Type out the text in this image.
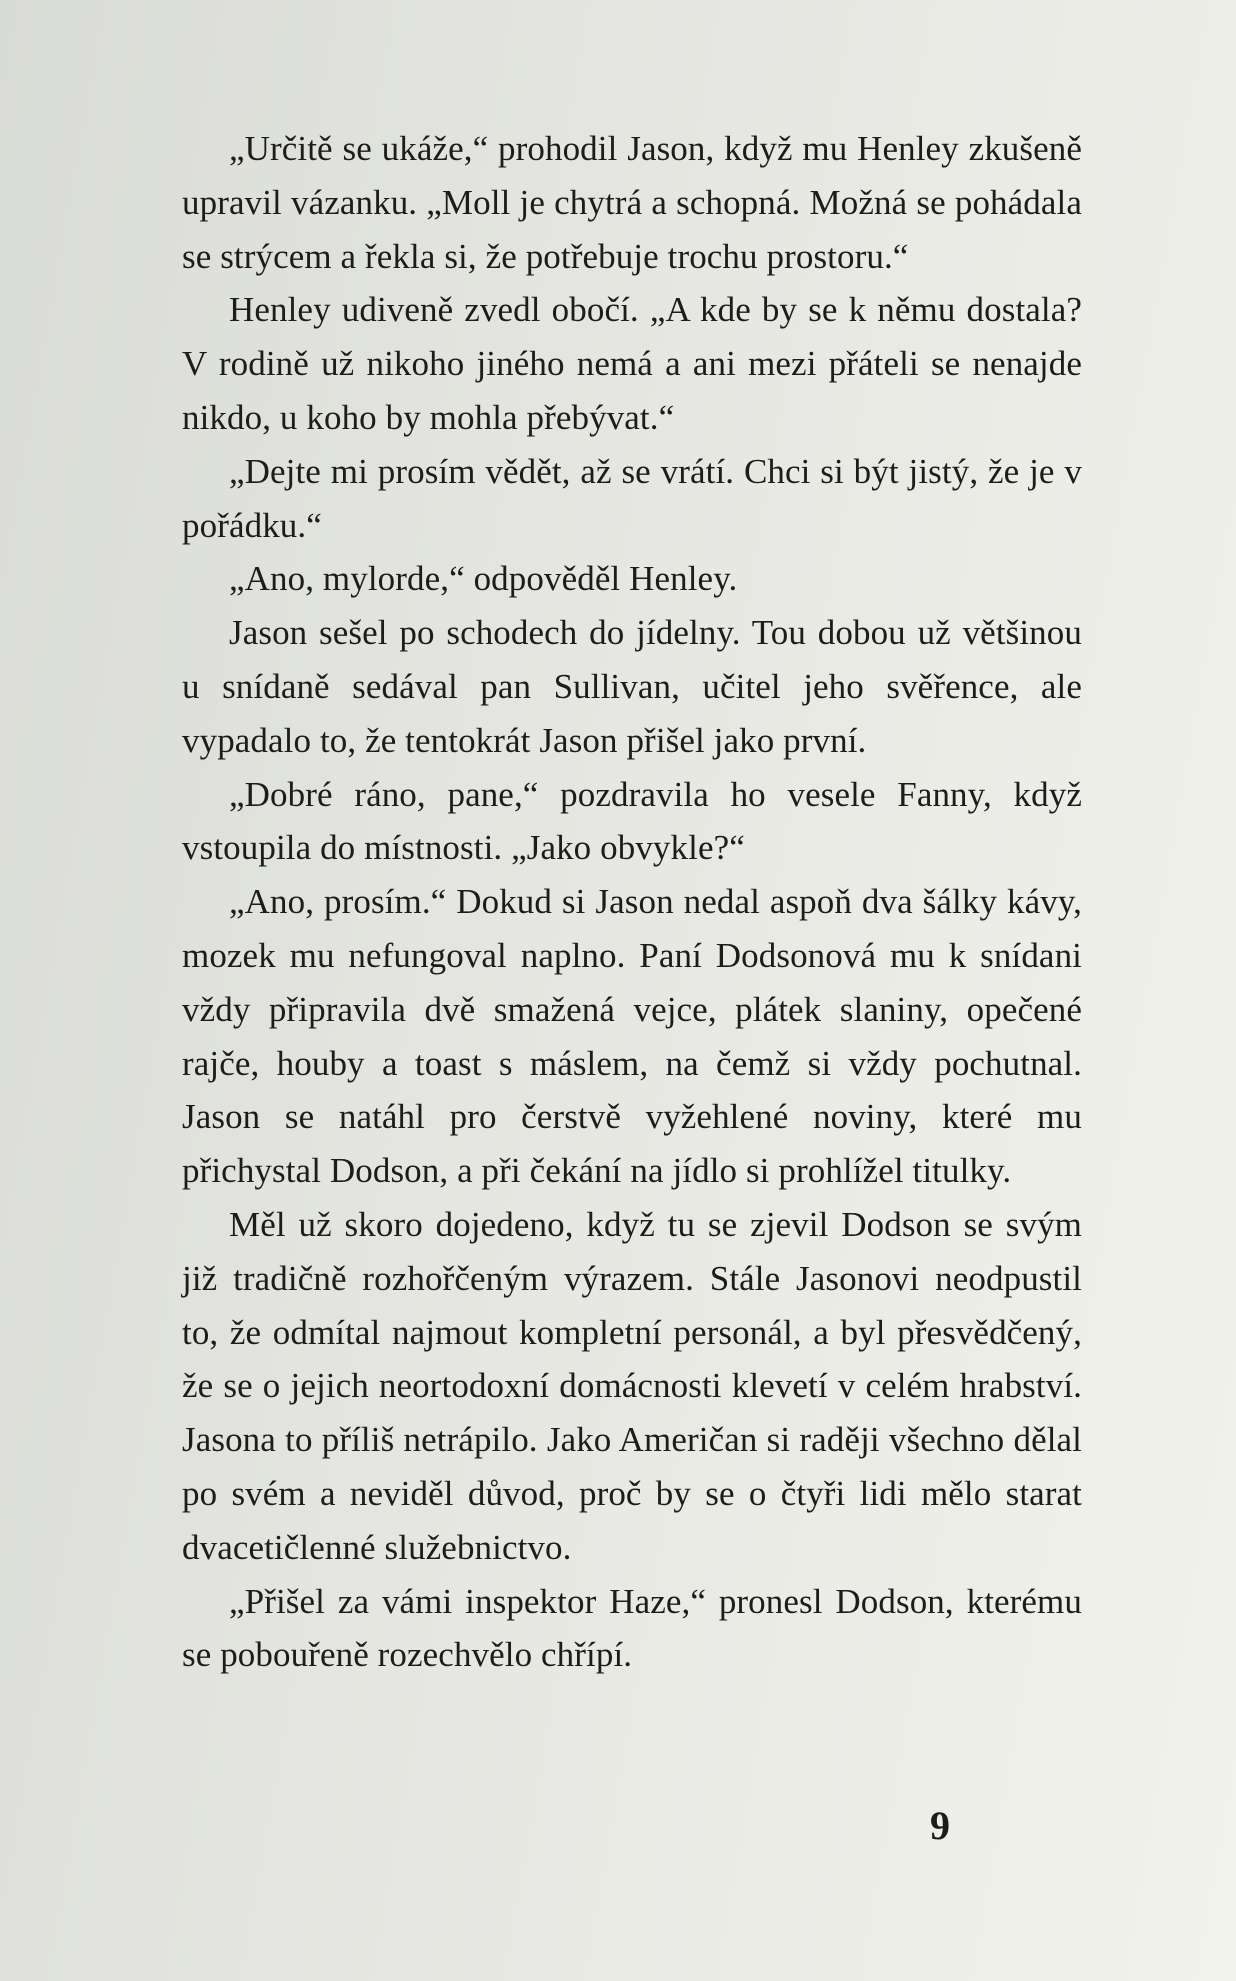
„Určitě se ukáže,“ prohodil Jason, když mu Henley zkušeně upravil vázanku. „Moll je chytrá a schopná. Možná se pohádala se strýcem a řekla si, že potřebuje trochu prostoru.“

Henley udiveně zvedl obočí. „A kde by se k němu dostala? V rodině už nikoho jiného nemá a ani mezi přáteli se nenajde nikdo, u koho by mohla přebývat.“

„Dejte mi prosím vědět, až se vrátí. Chci si být jistý, že je v pořádku.“

„Ano, mylorde,“ odpověděl Henley.

Jason sešel po schodech do jídelny. Tou dobou už většinou u snídaně sedával pan Sullivan, učitel jeho svěřence, ale vypadalo to, že tentokrát Jason přišel jako první.

„Dobré ráno, pane,“ pozdravila ho vesele Fanny, když vstoupila do místnosti. „Jako obvykle?“

„Ano, prosím.“ Dokud si Jason nedal aspoň dva šálky kávy, mozek mu nefungoval naplno. Paní Dodsonová mu k snídani vždy připravila dvě smažená vejce, plátek slaniny, opečené rajče, houby a toast s máslem, na čemž si vždy pochutnal. Jason se natáhl pro čerstvě vyžehlené noviny, které mu přichystal Dodson, a při čekání na jídlo si prohlížel titulky.

Měl už skoro dojedeno, když tu se zjevil Dodson se svým již tradičně rozhořčeným výrazem. Stále Jasonovi neodpustil to, že odmítal najmout kompletní personál, a byl přesvědčený, že se o jejich neortodoxní domácnosti klevetí v celém hrabství. Jasona to příliš netrápilo. Jako Američan si raději všechno dělal po svém a neviděl důvod, proč by se o čtyři lidi mělo starat dvacetičlenné služebnictvo.

„Přišel za vámi inspektor Haze,“ pronesl Dodson, kterému se pobouřeně rozechvělo chřípí.

9
